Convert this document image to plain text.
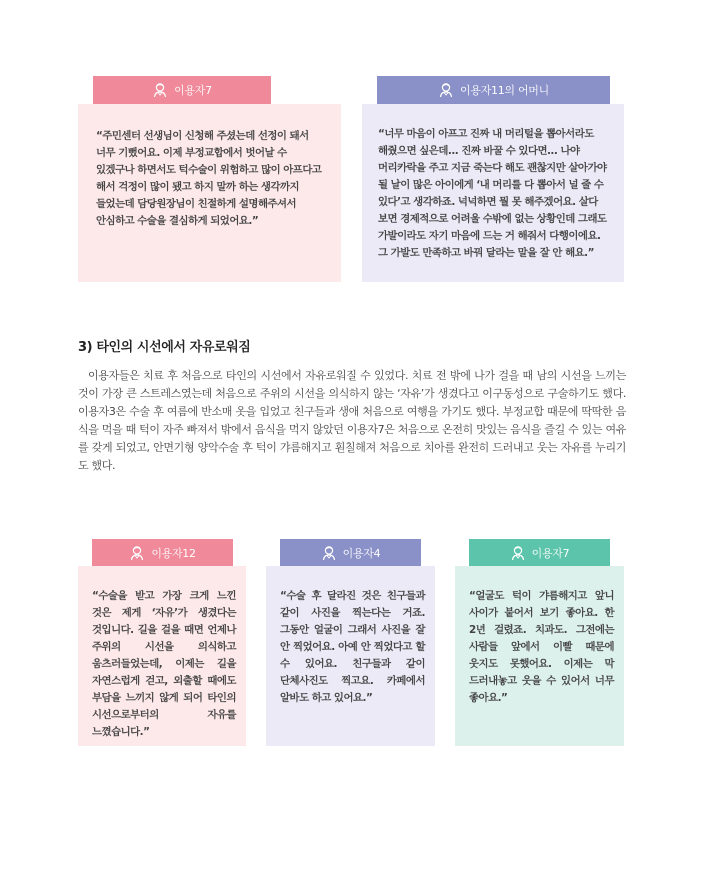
이용자7
“주민센터 선생님이 신청해 주셨는데 선정이 돼서 너무 기뻤어요. 이제 부정교합에서 벗어날 수 있겠구나 하면서도 턱수술이 위험하고 많이 아프다고 해서 걱정이 많이 됐고 하지 말까 하는 생각까지 들었는데 담당원장님이 친절하게 설명해주셔서 안심하고 수술을 결심하게 되었어요.”
이용자11의 어머니
“너무 마음이 아프고 진짜 내 머리털을 뽑아서라도 해줬으면 싶은데... 진짜 바꿀 수 있다면... 나야 머리카락을 주고 지금 죽는다 해도 괜찮지만 살아가야 될 날이 많은 아이에게 ‘내 머리를 다 뽑아서 널 줄 수 있다’고 생각하죠. 넉넉하면 뭘 못 해주겠어요. 살다 보면 경제적으로 어려울 수밖에 없는 상황인데 그래도 가발이라도 자기 마음에 드는 거 해줘서 다행이에요. 그 가발도 만족하고 바꿔 달라는 말을 잘 안 해요.”
3) 타인의 시선에서 자유로워짐
이용자들은 치료 후 처음으로 타인의 시선에서 자유로워질 수 있었다. 치료 전 밖에 나가 걸을 때 남의 시선을 느끼는 것이 가장 큰 스트레스였는데 처음으로 주위의 시선을 의식하지 않는 ‘자유’가 생겼다고 이구동성으로 구술하기도 했다. 이용자3은 수술 후 여름에 반소매 옷을 입었고 친구들과 생애 처음으로 여행을 가기도 했다. 부정교합 때문에 딱딱한 음식을 먹을 때 턱이 자주 빠져서 밖에서 음식을 먹지 않았던 이용자7은 처음으로 온전히 맛있는 음식을 즐길 수 있는 여유를 갖게 되었고, 안면기형 양악수술 후 턱이 갸름해지고 훤칠해져 처음으로 치아를 완전히 드러내고 웃는 자유를 누리기도 했다.
이용자12
“수술을 받고 가장 크게 느낀 것은 제게 ‘자유’가 생겼다는 것입니다. 길을 걸을 때면 언제나 주위의 시선을 의식하고 움츠러들었는데, 이제는 길을 자연스럽게 걷고, 외출할 때에도 부담을 느끼지 않게 되어 타인의 시선으로부터의 자유를 느꼈습니다.”
이용자4
“수술 후 달라진 것은 친구들과 같이 사진을 찍는다는 거죠. 그동안 얼굴이 그래서 사진을 잘 안 찍었어요. 아예 안 찍었다고 할 수 있어요. 친구들과 같이 단체사진도 찍고요. 카페에서 알바도 하고 있어요.”
이용자7
“얼굴도 턱이 갸름해지고 앞니 사이가 붙어서 보기 좋아요. 한 2년 걸렸죠. 치과도. 그전에는 사람들 앞에서 이빨 때문에 웃지도 못했어요. 이제는 막 드러내놓고 웃을 수 있어서 너무 좋아요.”
